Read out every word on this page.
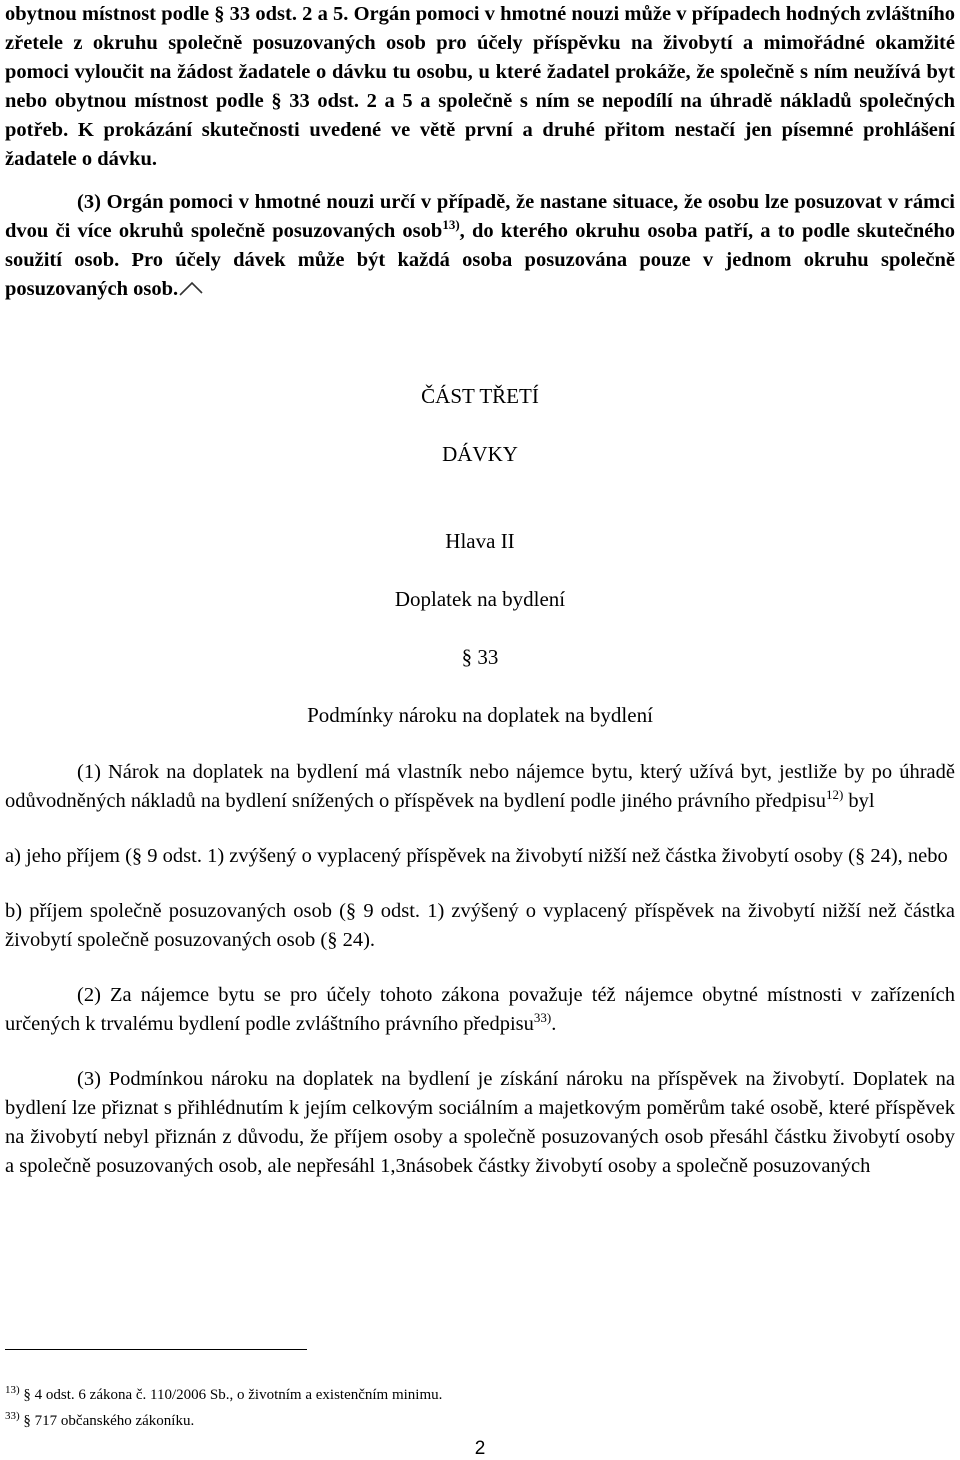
obytnou místnost podle § 33 odst. 2 a 5. Orgán pomoci v hmotné nouzi může v případech hodných zvláštního zřetele z okruhu společně posuzovaných osob pro účely příspěvku na živobytí a mimořádné okamžité pomoci vyloučit na žádost žadatele o dávku tu osobu, u které žadatel prokáže, že společně s ním neužívá byt nebo obytnou místnost podle § 33 odst. 2 a 5 a společně s ním se nepodílí na úhradě nákladů společných potřeb. K prokázání skutečnosti uvedené ve větě první a druhé přitom nestačí jen písemné prohlášení žadatele o dávku.

(3) Orgán pomoci v hmotné nouzi určí v případě, že nastane situace, že osobu lze posuzovat v rámci dvou či více okruhů společně posuzovaných osob$^{13)}$, do kterého okruhu osoba patří, a to podle skutečného soužití osob. Pro účely dávek může být každá osoba posuzována pouze v jednom okruhu společně posuzovaných osob.

ČÁST TŘETÍ

DÁVKY

Hlava II

Doplatek na bydlení

§ 33

Podmínky nároku na doplatek na bydlení

(1) Nárok na doplatek na bydlení má vlastník nebo nájemce bytu, který užívá byt, jestliže by po úhradě odůvodněných nákladů na bydlení snížených o příspěvek na bydlení podle jiného právního předpisu$^{12)}$ byl

a) jeho příjem (§ 9 odst. 1) zvýšený o vyplacený příspěvek na živobytí nižší než částka živobytí osoby (§ 24), nebo

b) příjem společně posuzovaných osob (§ 9 odst. 1) zvýšený o vyplacený příspěvek na živobytí nižší než částka živobytí společně posuzovaných osob (§ 24).

(2) Za nájemce bytu se pro účely tohoto zákona považuje též nájemce obytné místnosti v zařízeních určených k trvalému bydlení podle zvláštního právního předpisu$^{33)}$.

(3) Podmínkou nároku na doplatek na bydlení je získání nároku na příspěvek na živobytí. Doplatek na bydlení lze přiznat s přihlédnutím k jejím celkovým sociálním a majetkovým poměrům také osobě, které příspěvek na živobytí nebyl přiznán z důvodu, že příjem osoby a společně posuzovaných osob přesáhl částku živobytí osoby a společně posuzovaných osob, ale nepřesáhl 1,3násobek částky živobytí osoby a společně posuzovaných

$^{13)}$ § 4 odst. 6 zákona č. 110/2006 Sb., o životním a existenčním minimu.
$^{33)}$ § 717 občanského zákoníku.
2
